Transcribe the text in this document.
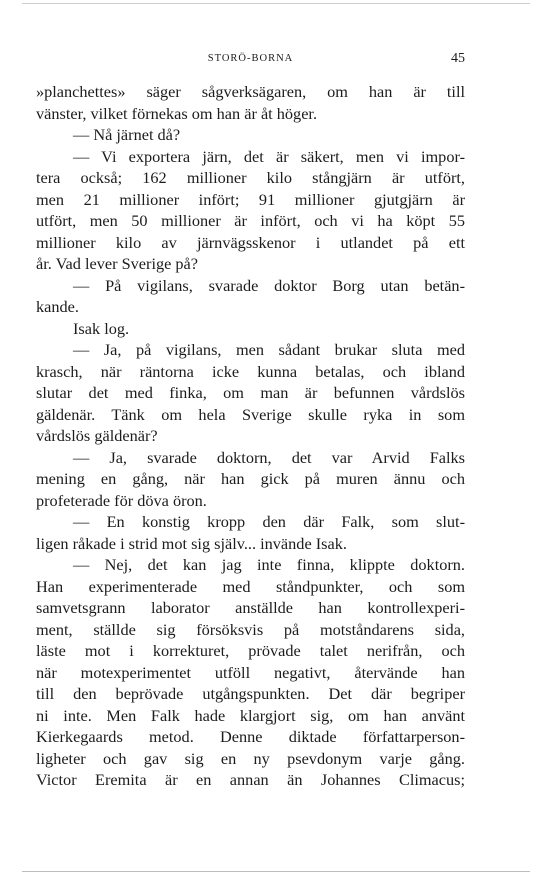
STORÖ-BORNA	45
»planchettes» säger sågverksägaren, om han är till
vänster, vilket förnekas om han är åt höger.
— Nå järnet då?
— Vi exportera järn, det är säkert, men vi impor-
tera också; 162 millioner kilo stångjärn är utfört,
men 21 millioner infört; 91 millioner gjutgjärn är
utfört, men 50 millioner är infört, och vi ha köpt 55
millioner kilo av järnvägsskenor i utlandet på ett
år. Vad lever Sverige på?
— På vigilans, svarade doktor Borg utan betän-
kande.
Isak log.
— Ja, på vigilans, men sådant brukar sluta med
krasch, när räntorna icke kunna betalas, och ibland
slutar det med finka, om man är befunnen vårdslös
gäldenär. Tänk om hela Sverige skulle ryka in som
vårdslös gäldenär?
— Ja, svarade doktorn, det var Arvid Falks
mening en gång, när han gick på muren ännu och
profeterade för döva öron.
— En konstig kropp den där Falk, som slut-
ligen råkade i strid mot sig själv... invände Isak.
— Nej, det kan jag inte finna, klippte doktorn.
Han experimenterade med ståndpunkter, och som
samvetsgrann laborator anställde han kontrollexperi-
ment, ställde sig försöksvis på motståndarens sida,
läste mot i korrekturet, prövade talet nerifrån, och
när motexperimentet utföll negativt, återvände han
till den beprövade utgångspunkten. Det där begriper
ni inte. Men Falk hade klargjort sig, om han använt
Kierkegaards metod. Denne diktade författarperson-
ligheter och gav sig en ny psevdonym varje gång.
Victor Eremita är en annan än Johannes Climacus;
